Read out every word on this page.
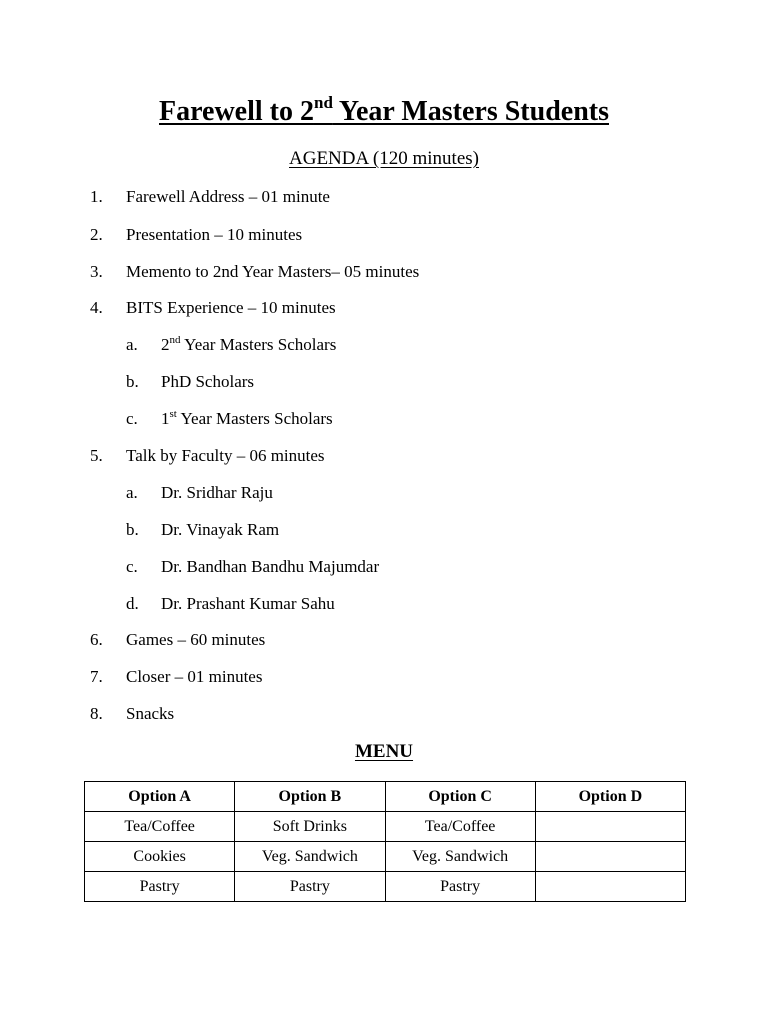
Farewell to 2nd Year Masters Students
AGENDA (120 minutes)
1. Farewell Address – 01 minute
2. Presentation – 10 minutes
3. Memento to 2nd Year Masters– 05 minutes
4. BITS Experience – 10 minutes
a. 2nd Year Masters Scholars
b. PhD Scholars
c. 1st Year Masters Scholars
5. Talk by Faculty – 06 minutes
a. Dr. Sridhar Raju
b. Dr. Vinayak Ram
c. Dr. Bandhan Bandhu Majumdar
d. Dr. Prashant Kumar Sahu
6. Games – 60 minutes
7. Closer – 01 minutes
8. Snacks
MENU
Option A	Option B	Option C	Option D
Tea/Coffee	Soft Drinks	Tea/Coffee	
Cookies	Veg. Sandwich	Veg. Sandwich	
Pastry	Pastry	Pastry	
